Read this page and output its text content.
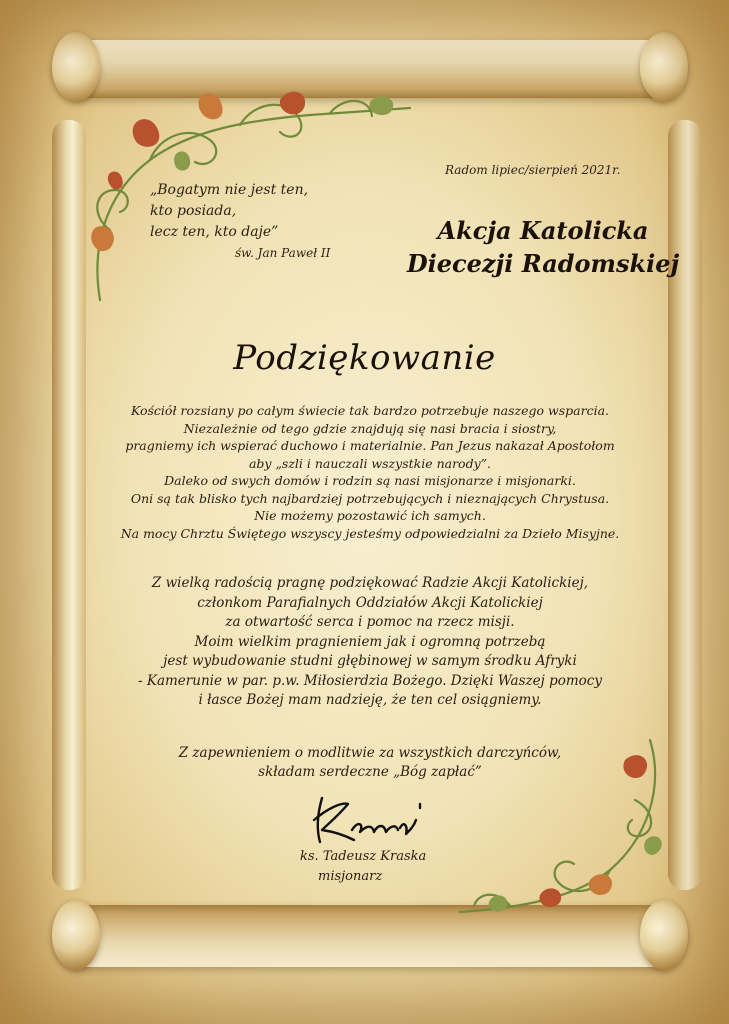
Radom lipiec/sierpień 2021r.
„Bogatym nie jest ten,
kto posiada,
lecz ten, kto daje”
św. Jan Paweł II
Akcja Katolicka
Diecezji Radomskiej
Podziękowanie
Kościół rozsiany po całym świecie tak bardzo potrzebuje naszego wsparcia.
Niezależnie od tego gdzie znajdują się nasi bracia i siostry,
pragniemy ich wspierać duchowo i materialnie. Pan Jezus nakazał Apostołom
aby „szli i nauczali wszystkie narody”.
Daleko od swych domów i rodzin są nasi misjonarze i misjonarki.
Oni są tak blisko tych najbardziej potrzebujących i nieznających Chrystusa.
Nie możemy pozostawić ich samych.
Na mocy Chrztu Świętego wszyscy jesteśmy odpowiedzialni za Dzieło Misyjne.
Z wielką radością pragnę podziękować Radzie Akcji Katolickiej,
członkom Parafialnych Oddziałów Akcji Katolickiej
za otwartość serca i pomoc na rzecz misji.
Moim wielkim pragnieniem jak i ogromną potrzebą
jest wybudowanie studni głębinowej w samym środku Afryki
- Kamerunie w par. p.w. Miłosierdzia Bożego. Dzięki Waszej pomocy
i łasce Bożej mam nadzieję, że ten cel osiągniemy.
Z zapewnieniem o modlitwie za wszystkich darczyńców,
składam serdeczne „Bóg zapłać”
ks. Tadeusz Kraska
misjonarz
